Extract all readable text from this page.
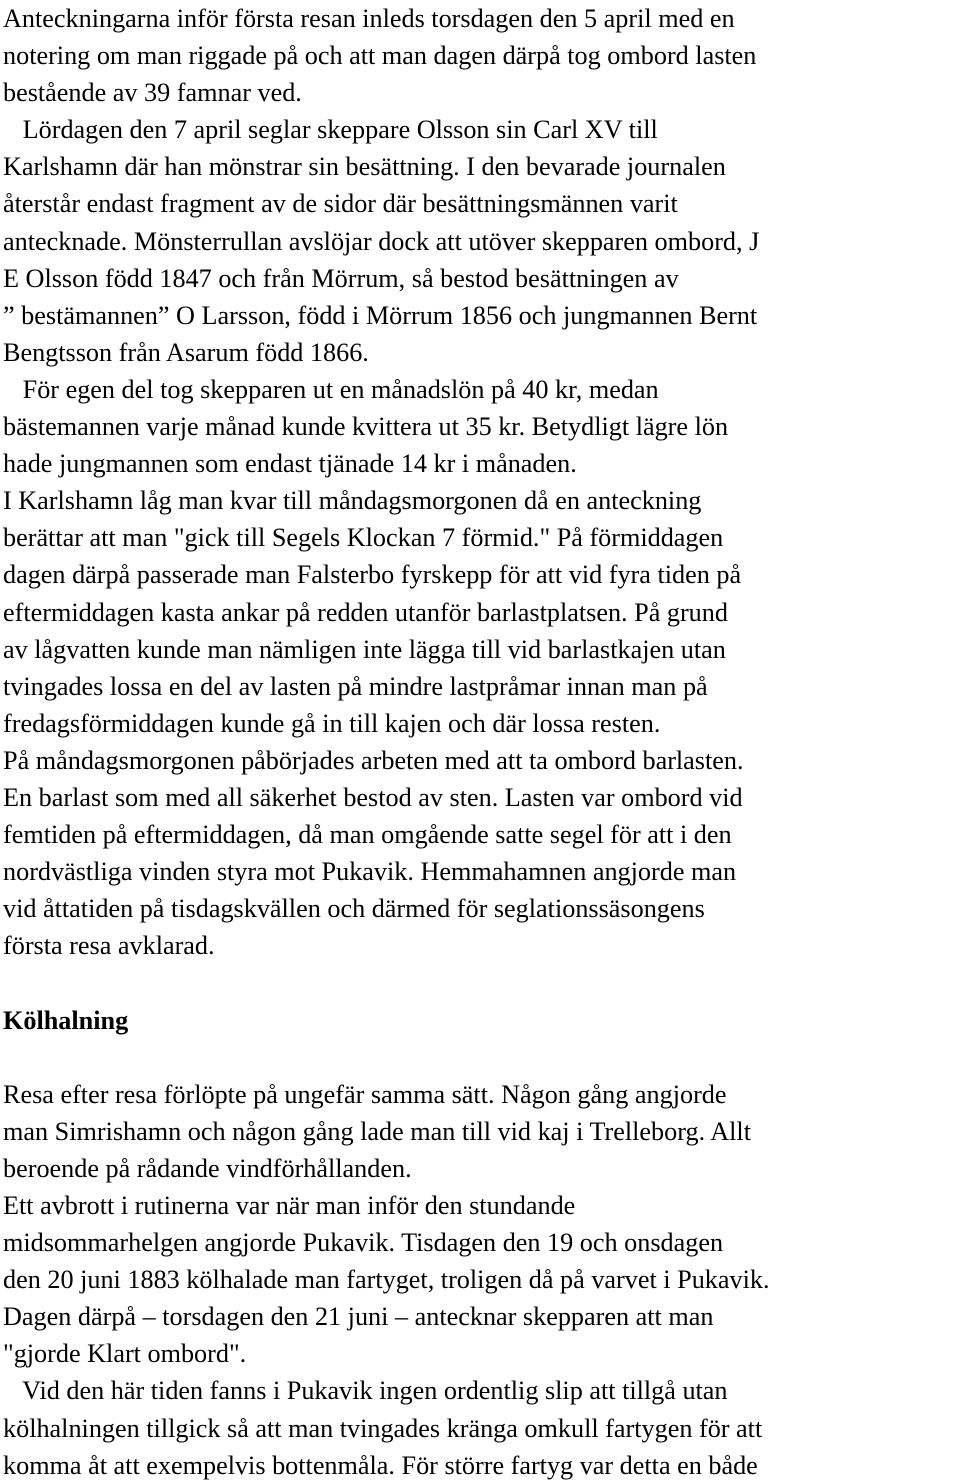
Anteckningarna inför första resan inleds torsdagen den 5 april med en
notering om man riggade på och att man dagen därpå tog ombord lasten
bestående av 39 famnar ved.
Lördagen den 7 april seglar skeppare Olsson sin Carl XV till
Karlshamn där han mönstrar sin besättning. I den bevarade journalen
återstår endast fragment av de sidor där besättningsmännen varit
antecknade. Mönsterrullan avslöjar dock att utöver skepparen ombord, J
E Olsson född 1847 och från Mörrum, så bestod besättningen av
” bestämannen” O Larsson, född i Mörrum 1856 och jungmannen Bernt
Bengtsson från Asarum född 1866.
För egen del tog skepparen ut en månadslön på 40 kr, medan
bästemannen varje månad kunde kvittera ut 35 kr. Betydligt lägre lön
hade jungmannen som endast tjänade 14 kr i månaden.
I Karlshamn låg man kvar till måndagsmorgonen då en anteckning
berättar att man "gick till Segels Klockan 7 förmid." På förmiddagen
dagen därpå passerade man Falsterbo fyrskepp för att vid fyra tiden på
eftermiddagen kasta ankar på redden utanför barlastplatsen. På grund
av lågvatten kunde man nämligen inte lägga till vid barlastkajen utan
tvingades lossa en del av lasten på mindre lastpråmar innan man på
fredagsförmiddagen kunde gå in till kajen och där lossa resten.
På måndagsmorgonen påbörjades arbeten med att ta ombord barlasten.
En barlast som med all säkerhet bestod av sten. Lasten var ombord vid
femtiden på eftermiddagen, då man omgående satte segel för att i den
nordvästliga vinden styra mot Pukavik. Hemmahamnen angjorde man
vid åttatiden på tisdagskvällen och därmed för seglationssäsongens
första resa avklarad.
Kölhalning
Resa efter resa förlöpte på ungefär samma sätt. Någon gång angjorde
man Simrishamn och någon gång lade man till vid kaj i Trelleborg. Allt
beroende på rådande vindförhållanden.
Ett avbrott i rutinerna var när man inför den stundande
midsommarhelgen angjorde Pukavik. Tisdagen den 19 och onsdagen
den 20 juni 1883 kölhalade man fartyget, troligen då på varvet i Pukavik.
Dagen därpå – torsdagen den 21 juni – antecknar skepparen att man
"gjorde Klart ombord".
Vid den här tiden fanns i Pukavik ingen ordentlig slip att tillgå utan
kölhalningen tillgick så att man tvingades kränga omkull fartygen för att
komma åt att exempelvis bottenmåla. För större fartyg var detta en både
